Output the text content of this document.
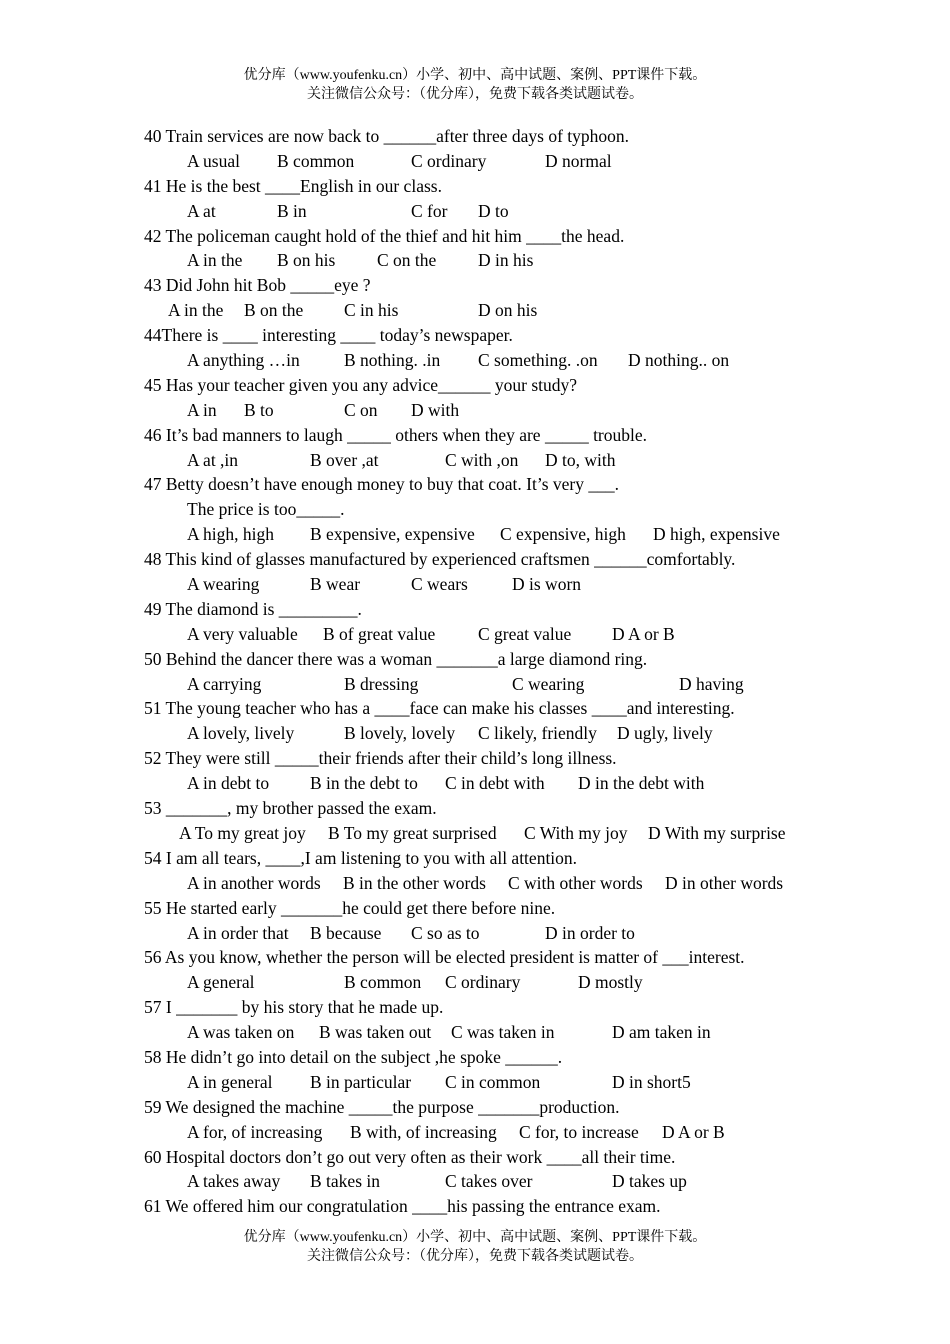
优分库（www.youfenku.cn）小学、初中、高中试题、案例、PPT课件下载。
关注微信公众号：（优分库），免费下载各类试题试卷。
40 Train services are now back to ______after three days of typhoon.
A usual B common	C ordinary	D normal
41 He is the best ____English in our class.
A at	B in	C for D to
42 The policeman caught hold of the thief and hit him ____the head.
A in the B on his C on the D in his
43 Did John hit Bob _____eye ?
A in the B on the C in his	D on his
44There is ____ interesting ____ today’s newspaper.
A anything …in	B nothing. .in C something. .on D nothing.. on
45 Has your teacher given you any advice______ your study?
A in B to	C on D with
46 It’s bad manners to laugh _____ others when they are _____ trouble.
A at ,in	B over ,at	C with ,on D to, with
47 Betty doesn’t have enough money to buy that coat. It’s very ___.
The price is too_____.
A high, high B expensive, expensive C expensive, high D high, expensive
48 This kind of glasses manufactured by experienced craftsmen ______comfortably.
A wearing	B wear	C wears	D is worn
49 The diamond is _________.
A very valuable B of great value C great value D A or B
50 Behind the dancer there was a woman _______a large diamond ring.
A carrying	B dressing	C wearing	D having
51 The young teacher who has a ____face can make his classes ____and interesting.
A lovely, lively	B lovely, lovely C likely, friendly D ugly, lively
52 They were still _____their friends after their child’s long illness.
A in debt to B in the debt to C in debt with D in the debt with
53 _______, my brother passed the exam.
A To my great joy B To my great surprised C With my joy D With my surprise
54 I am all tears, ____,I am listening to you with all attention.
A in another words B in the other words C with other words D in other words
55 He started early _______he could get there before nine.
A in order that B because C so as to	D in order to
56 As you know, whether the person will be elected president is matter of ___interest.
A general	B common C ordinary	D mostly
57 I _______ by his story that he made up.
A was taken on B was taken out C was taken in	D am taken in
58 He didn’t go into detail on the subject ,he spoke ______.
A in general B in particular C in common	D in short5
59 We designed the machine _____the purpose _______production.
A for, of increasing B with, of increasing C for, to increase D A or B
60 Hospital doctors don’t go out very often as their work ____all their time.
A takes away B takes in	C takes over	D takes up
61 We offered him our congratulation ____his passing the entrance exam.
优分库（www.youfenku.cn）小学、初中、高中试题、案例、PPT课件下载。
关注微信公众号：（优分库），免费下载各类试题试卷。
